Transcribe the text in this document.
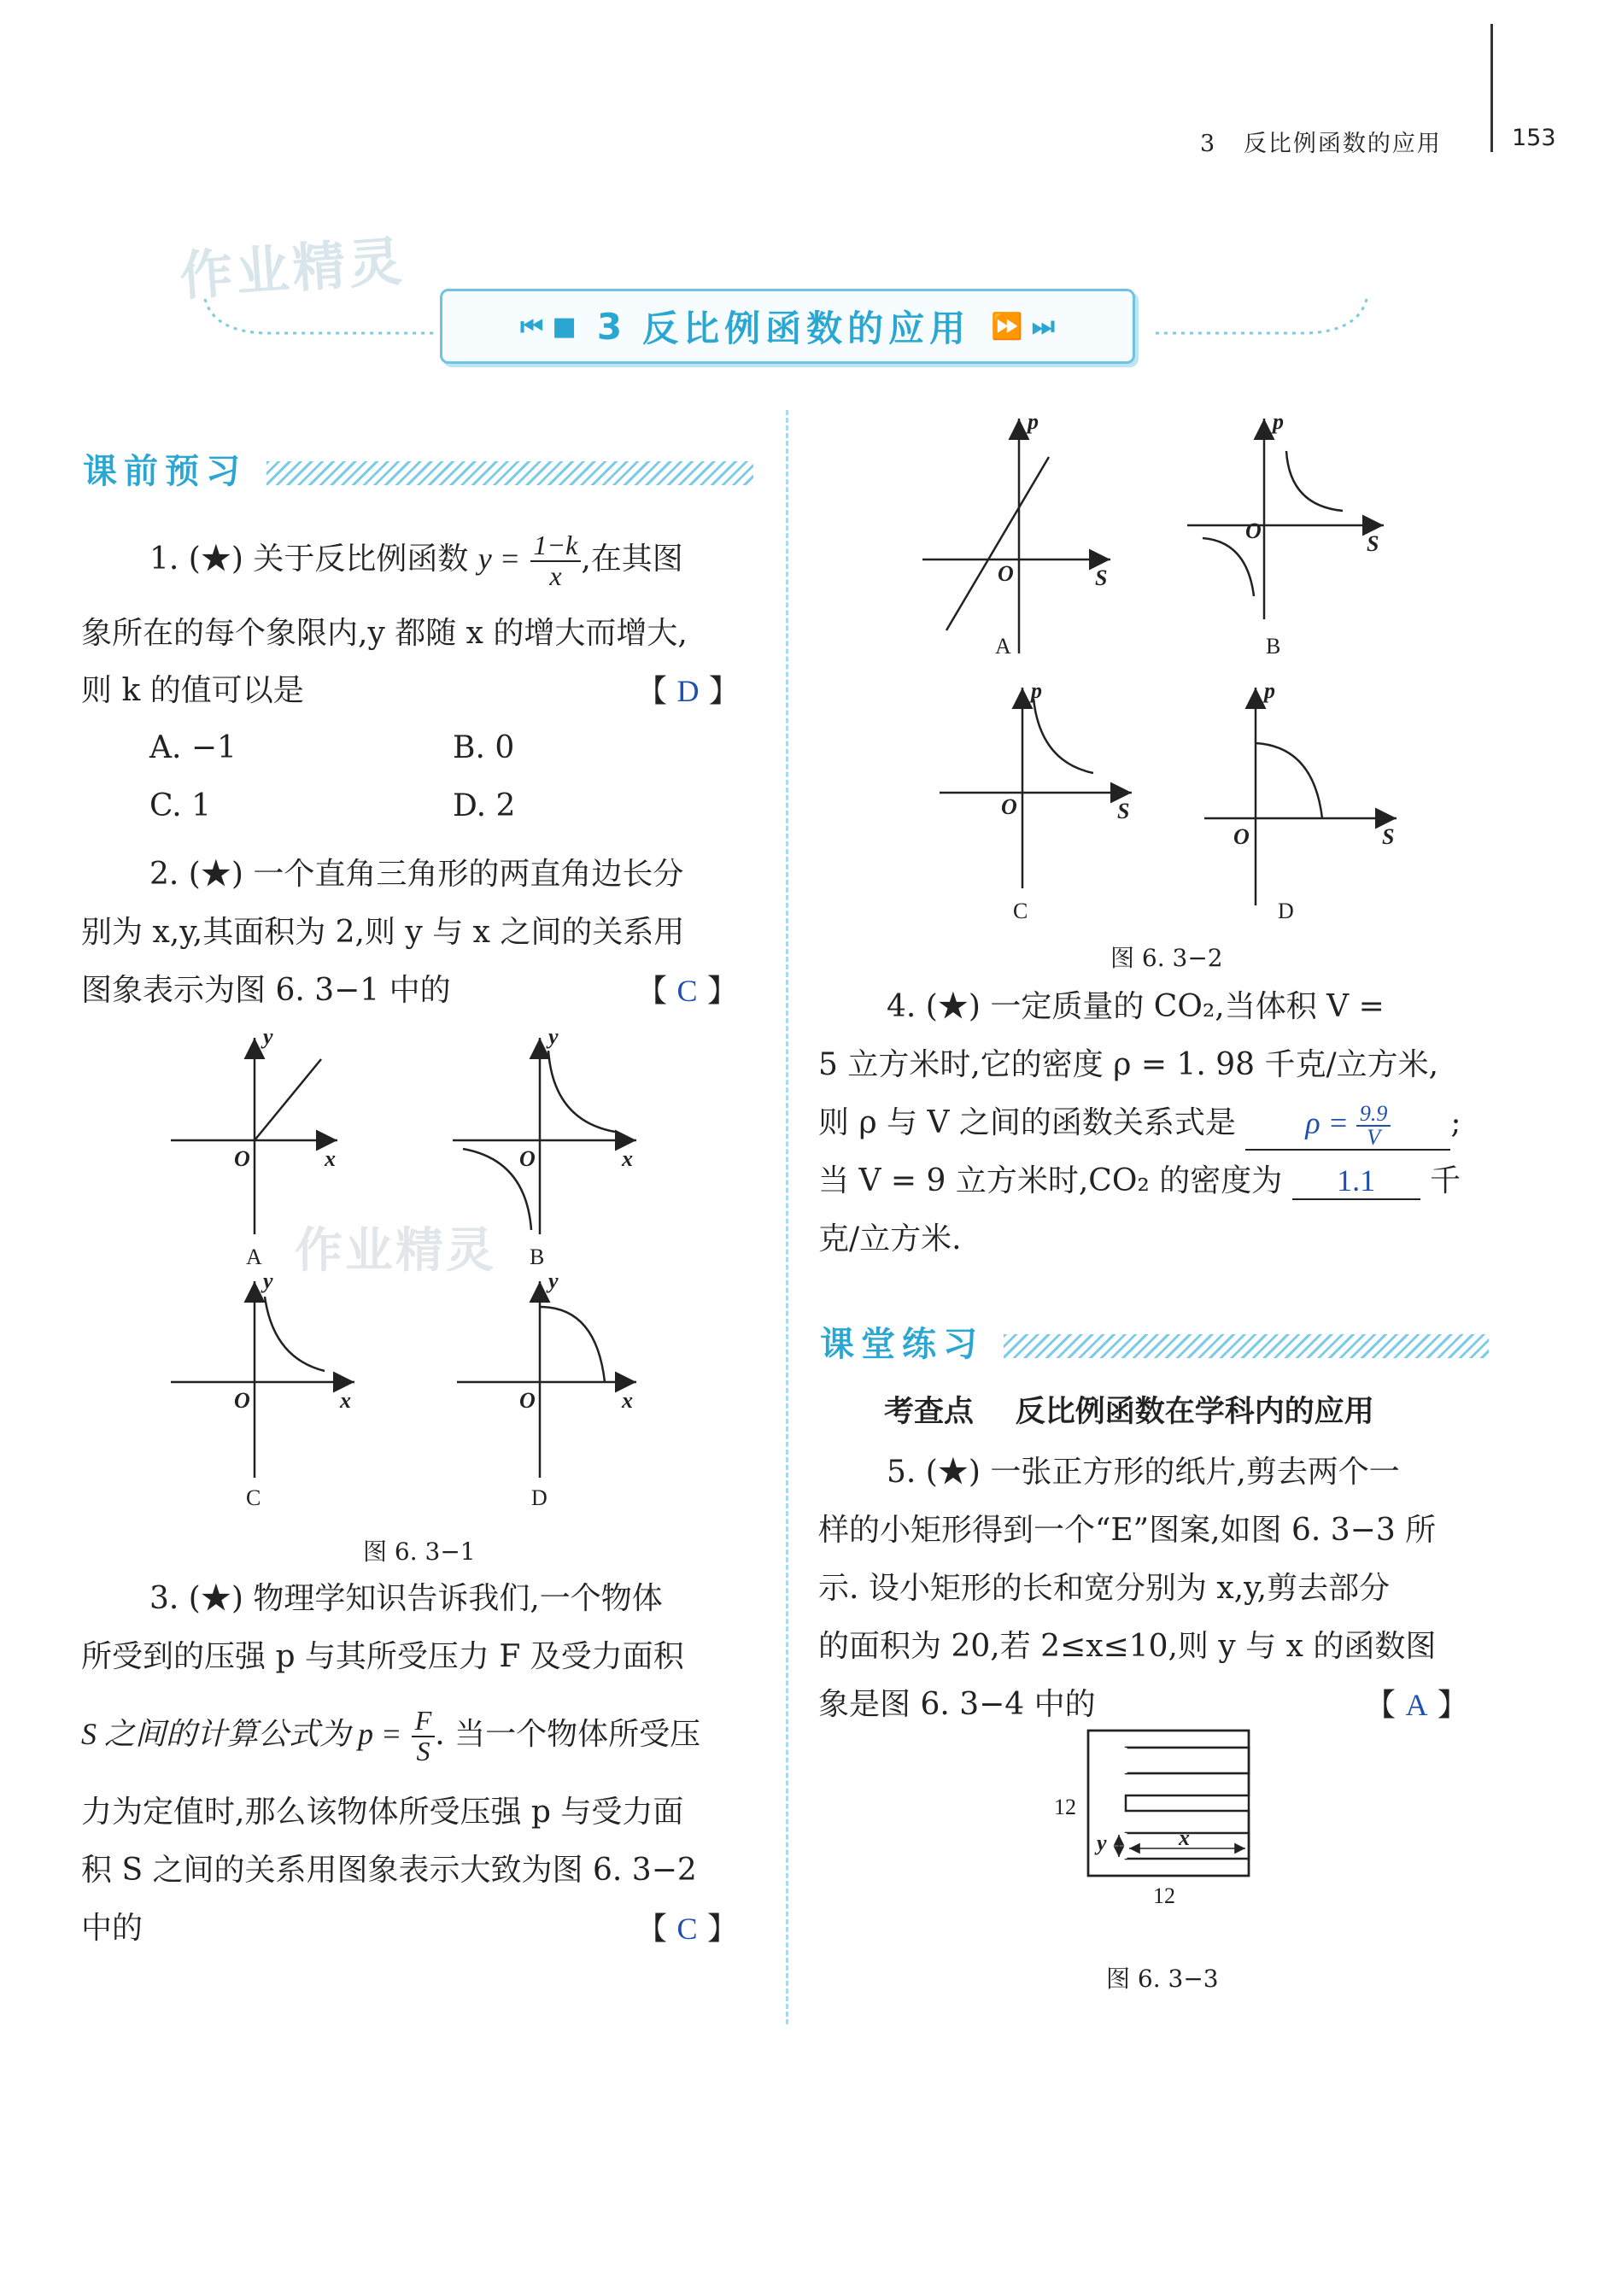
3 反比例函数的应用	153
作业精灵
⏮ ■ 3 反比例函数的应用 ⏩ ⏭
课前预习
1. (★) 关于反比例函数 $y = \frac{1-k}{x}$ ,在其图
象所在的每个象限内,y 都随 x 的增大而增大,
则 k 的值可以是	【 D 】
A. −1	B. 0
C. 1	D. 2
2. (★) 一个直角三角形的两直角边长分
别为 x,y,其面积为 2,则 y 与 x 之间的关系用
图象表示为图 6. 3−1 中的	【 C 】
x
y
O
A
x
y
O
B
x
y
O
C
x
y
O
D
作业精灵
图 6. 3−1
3. (★) 物理学知识告诉我们,一个物体
所受到的压强 p 与其所受压力 F 及受力面积
S 之间的计算公式为 $p = \frac{F}{S}$ . 当一个物体所受压
力为定值时,那么该物体所受压强 p 与受力面
积 S 之间的关系用图象表示大致为图 6. 3−2
中的	【 C 】
S
p
O
A
S
p
O
B
S
p
O
C
S
p
O
D
图 6. 3−2
4. (★) 一定质量的 CO₂,当体积 V =
5 立方米时,它的密度 ρ = 1. 98 千克/立方米,
则 ρ 与 V 之间的函数关系式是 $\rho = \frac{9.9}{V}$ ;
当 V = 9 立方米时,CO₂ 的密度为 1.1 千
克/立方米.
课堂练习
考查点    反比例函数在学科内的应用
5. (★) 一张正方形的纸片,剪去两个一
样的小矩形得到一个“E”图案,如图 6. 3−3 所
示. 设小矩形的长和宽分别为 x,y,剪去部分
的面积为 20,若 2≤x≤10,则 y 与 x 的函数图
象是图 6. 3−4 中的	【 A 】
x
y
12
12
图 6. 3−3
